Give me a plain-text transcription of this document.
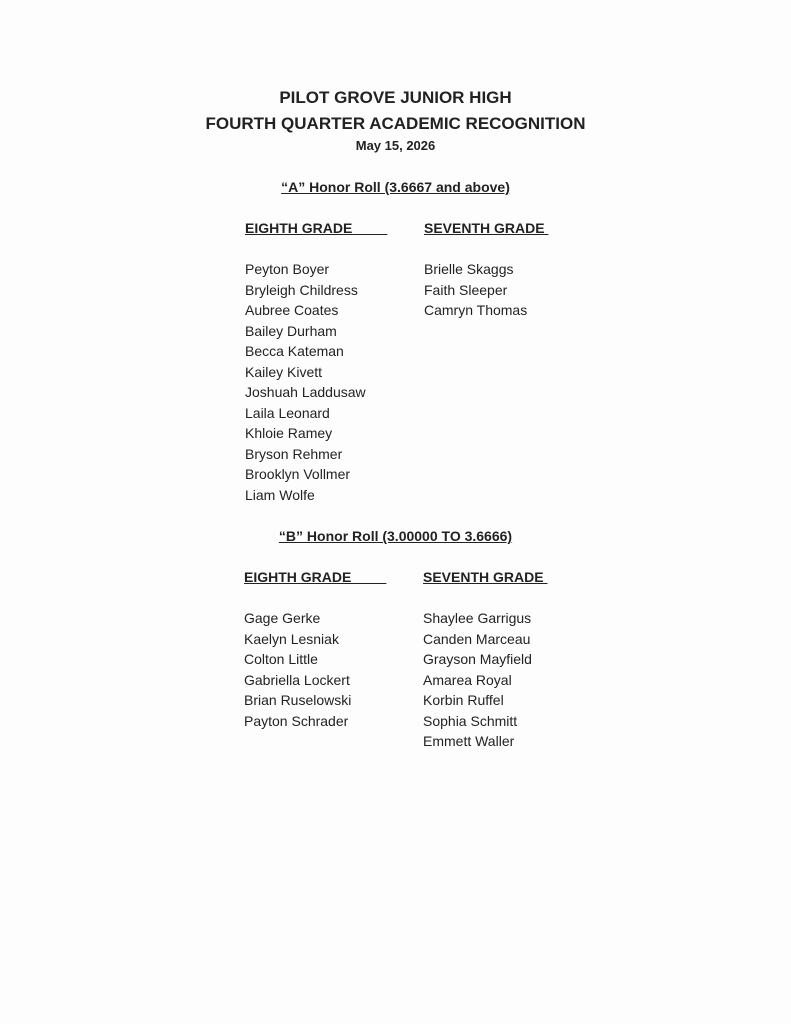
PILOT GROVE JUNIOR HIGH
FOURTH QUARTER ACADEMIC RECOGNITION
May 15, 2026
“A” Honor Roll (3.6667 and above)
EIGHTH GRADE	SEVENTH GRADE
Peyton Boyer
Bryleigh Childress
Aubree Coates
Bailey Durham
Becca Kateman
Kailey Kivett
Joshuah Laddusaw
Laila Leonard
Khloie Ramey
Bryson Rehmer
Brooklyn Vollmer
Liam Wolfe
Brielle Skaggs
Faith Sleeper
Camryn Thomas
“B” Honor Roll (3.00000 TO 3.6666)
EIGHTH GRADE	SEVENTH GRADE
Gage Gerke
Kaelyn Lesniak
Colton Little
Gabriella Lockert
Brian Ruselowski
Payton Schrader
Shaylee Garrigus
Canden Marceau
Grayson Mayfield
Amarea Royal
Korbin Ruffel
Sophia Schmitt
Emmett Waller
